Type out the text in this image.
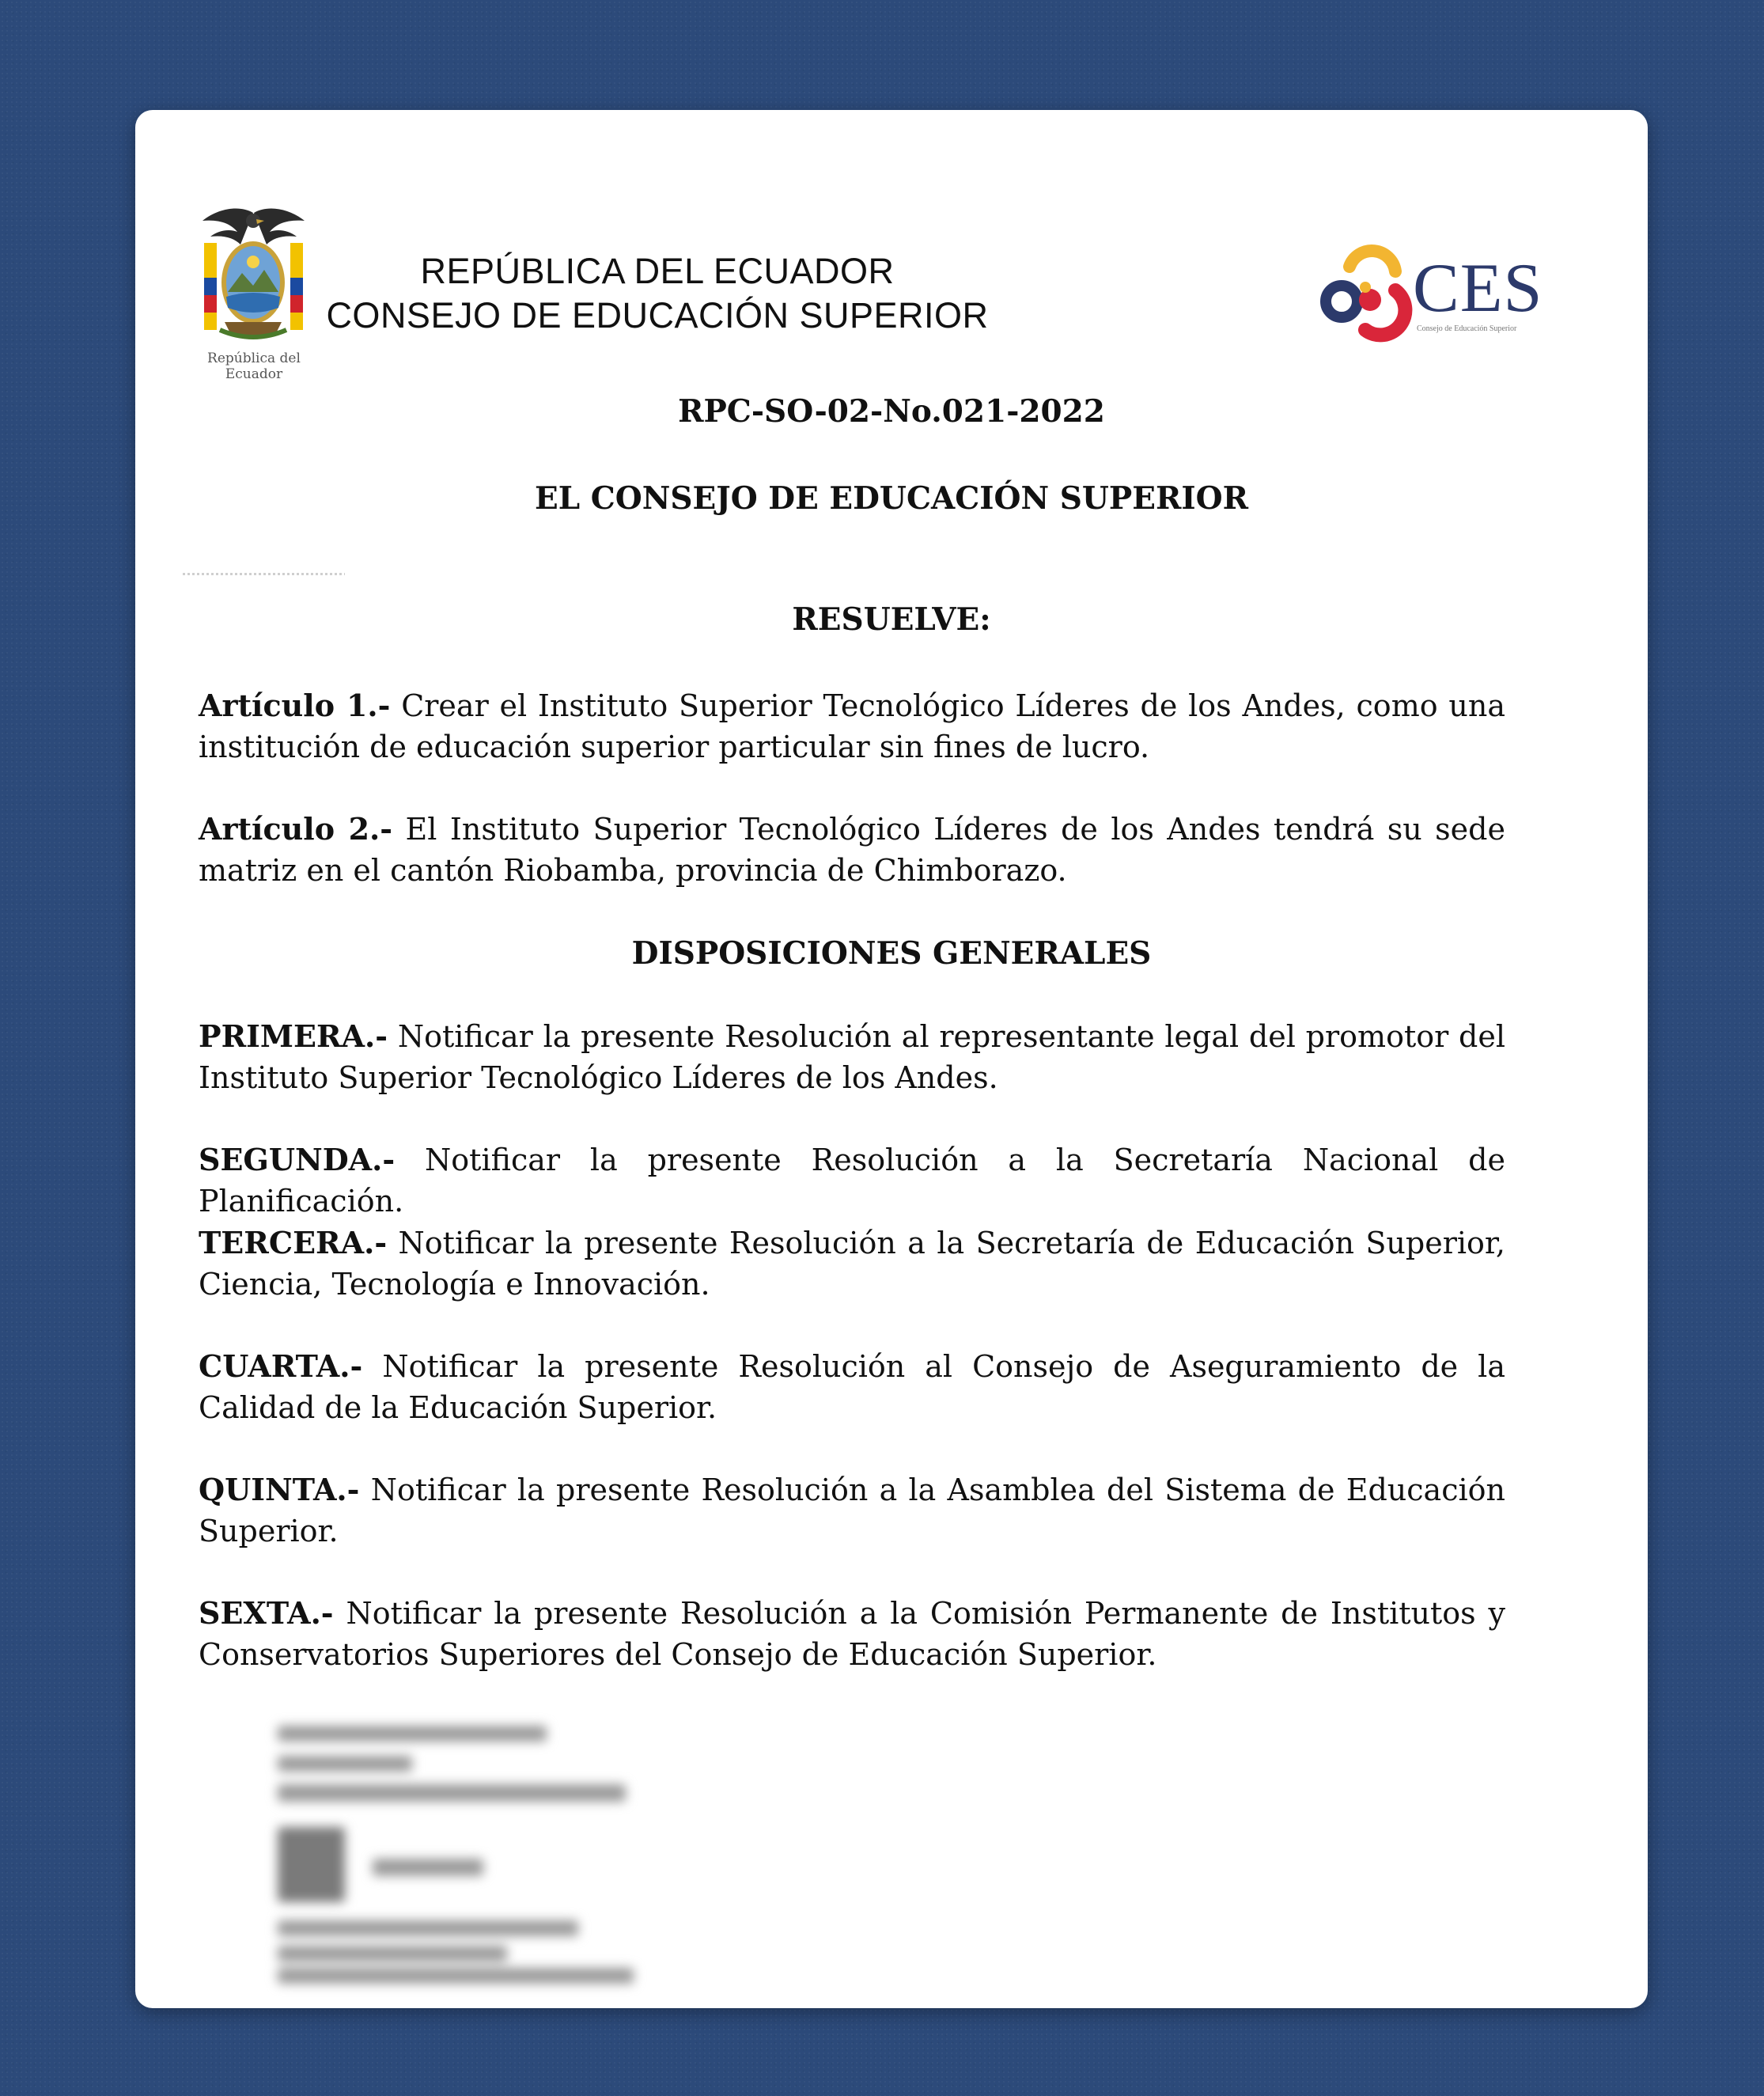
República del Ecuador
REPÚBLICA DEL ECUADOR
CONSEJO DE EDUCACIÓN SUPERIOR	CES
Consejo de Educación Superior
RPC-SO-02-No.021-2022
EL CONSEJO DE EDUCACIÓN SUPERIOR
RESUELVE:
Artículo 1.- Crear el Instituto Superior Tecnológico Líderes de los Andes, como una institución de educación superior particular sin fines de lucro.
Artículo 2.- El Instituto Superior Tecnológico Líderes de los Andes tendrá su sede matriz en el cantón Riobamba, provincia de Chimborazo.
DISPOSICIONES GENERALES
PRIMERA.- Notificar la presente Resolución al representante legal del promotor del Instituto Superior Tecnológico Líderes de los Andes.
SEGUNDA.- Notificar la presente Resolución a la Secretaría Nacional de Planificación.
TERCERA.- Notificar la presente Resolución a la Secretaría de Educación Superior, Ciencia, Tecnología e Innovación.
CUARTA.- Notificar la presente Resolución al Consejo de Aseguramiento de la Calidad de la Educación Superior.
QUINTA.- Notificar la presente Resolución a la Asamblea del Sistema de Educación Superior.
SEXTA.- Notificar la presente Resolución a la Comisión Permanente de Institutos y Conservatorios Superiores del Consejo de Educación Superior.
